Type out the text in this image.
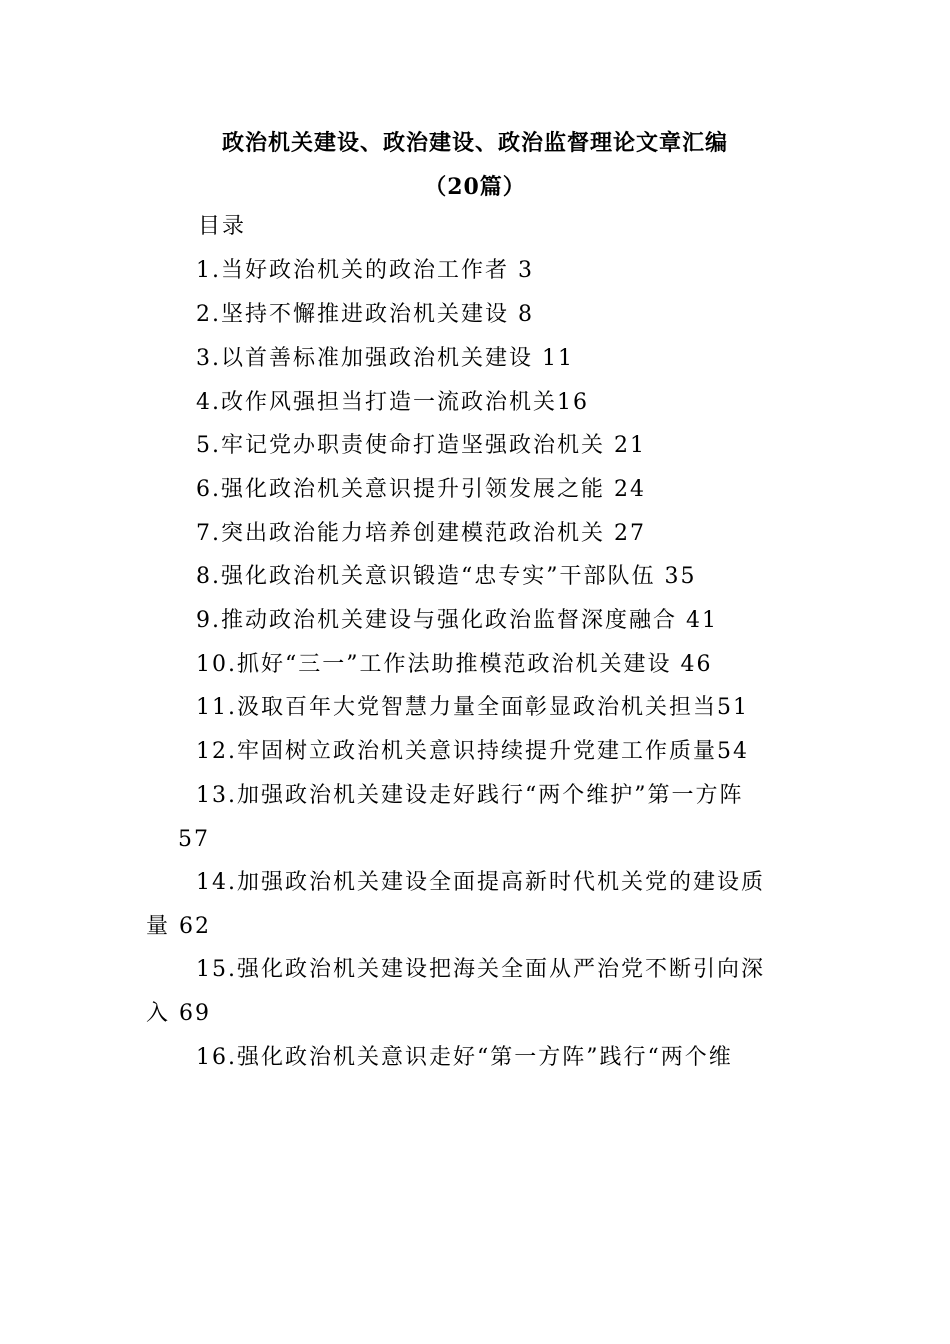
政治机关建设、政治建设、政治监督理论文章汇编
（20篇）
目录
1.当好政治机关的政治工作者 3
2.坚持不懈推进政治机关建设 8
3.以首善标准加强政治机关建设 11
4.改作风强担当打造一流政治机关16
5.牢记党办职责使命打造坚强政治机关 21
6.强化政治机关意识提升引领发展之能 24
7.突出政治能力培养创建模范政治机关 27
8.强化政治机关意识锻造“忠专实”干部队伍 35
9.推动政治机关建设与强化政治监督深度融合 41
10.抓好“三一”工作法助推模范政治机关建设 46
11.汲取百年大党智慧力量全面彰显政治机关担当51
12.牢固树立政治机关意识持续提升党建工作质量54
13.加强政治机关建设走好践行“两个维护”第一方阵
57
14.加强政治机关建设全面提高新时代机关党的建设质
量 62
15.强化政治机关建设把海关全面从严治党不断引向深
入 69
16.强化政治机关意识走好“第一方阵”践行“两个维
